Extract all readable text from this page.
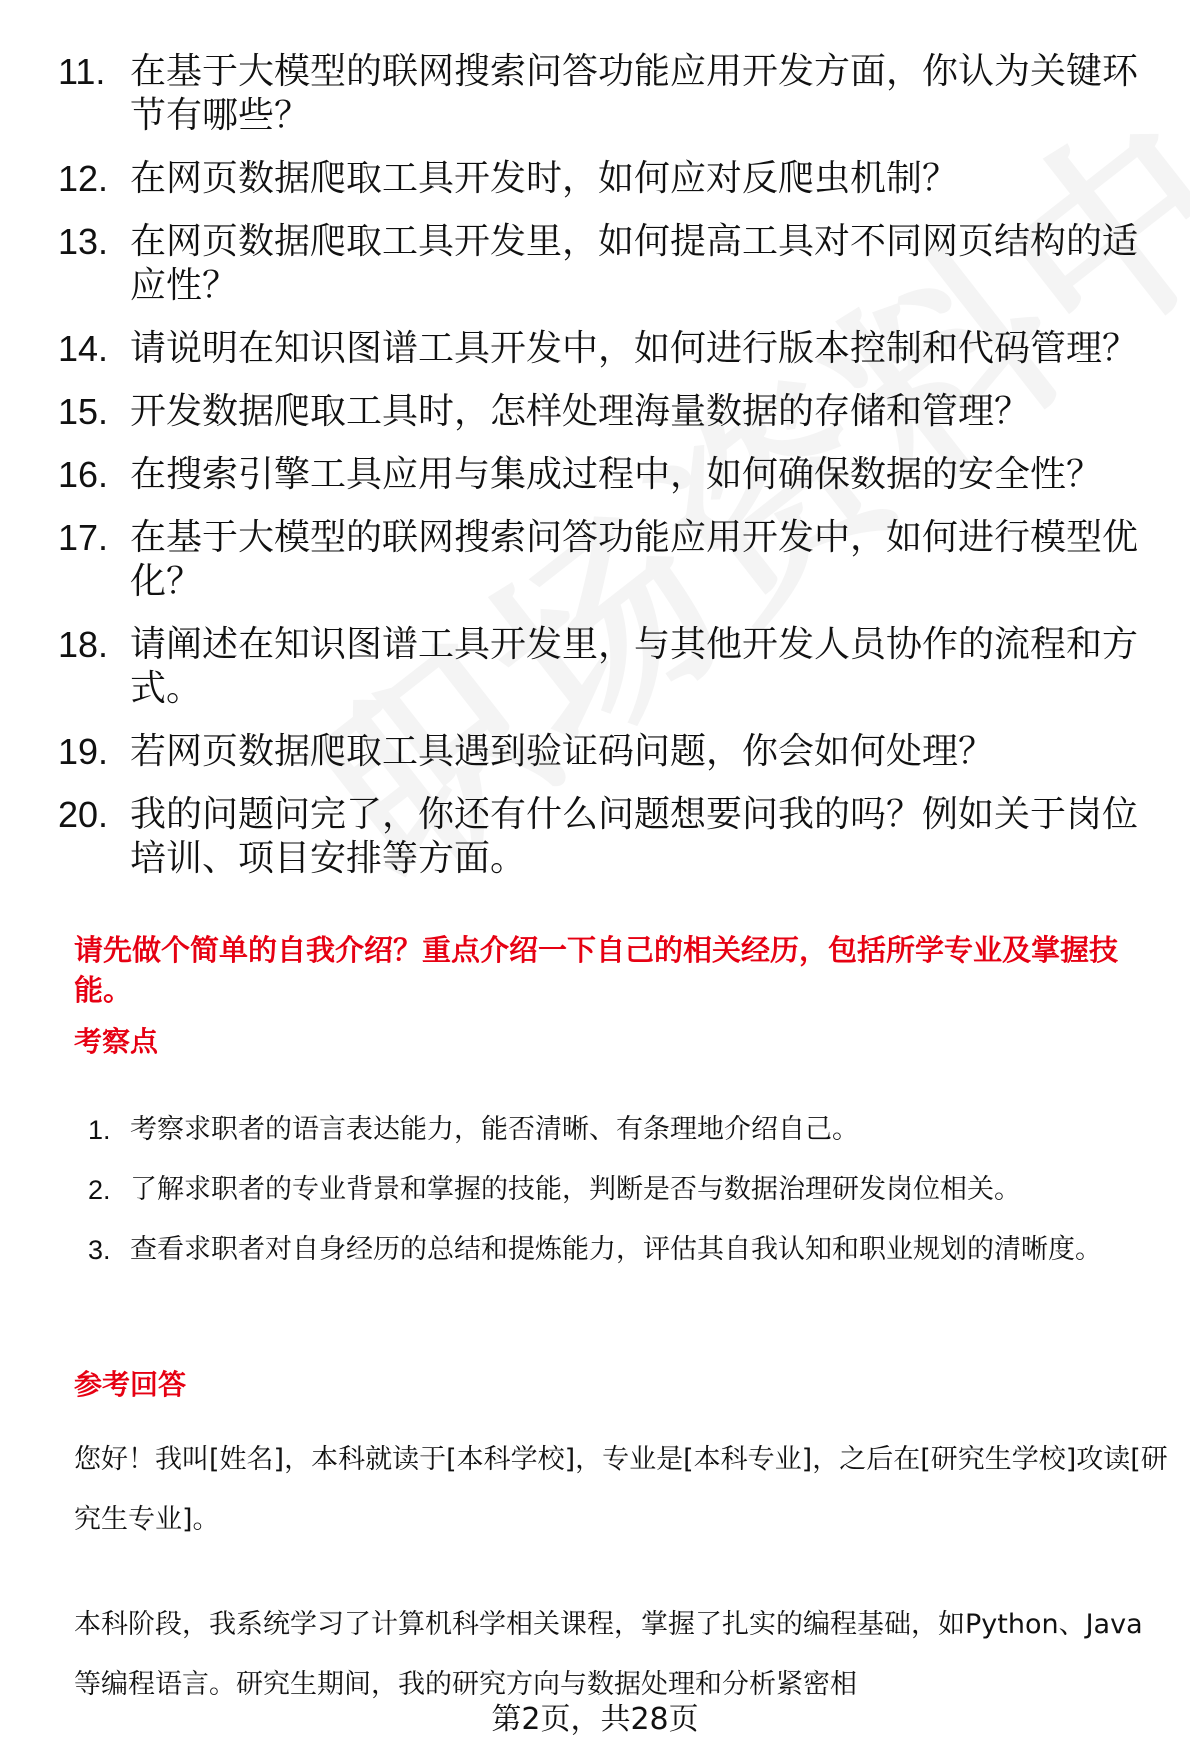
11. 在基于大模型的联网搜索问答功能应用开发方面，你认为关键环节有哪些？
12. 在网页数据爬取工具开发时，如何应对反爬虫机制？
13. 在网页数据爬取工具开发里，如何提高工具对不同网页结构的适应性？
14. 请说明在知识图谱工具开发中，如何进行版本控制和代码管理？
15. 开发数据爬取工具时，怎样处理海量数据的存储和管理？
16. 在搜索引擎工具应用与集成过程中，如何确保数据的安全性？
17. 在基于大模型的联网搜索问答功能应用开发中，如何进行模型优化？
18. 请阐述在知识图谱工具开发里，与其他开发人员协作的流程和方式。
19. 若网页数据爬取工具遇到验证码问题，你会如何处理？
20. 我的问题问完了，你还有什么问题想要问我的吗？例如关于岗位培训、项目安排等方面。

请先做个简单的自我介绍？重点介绍一下自己的相关经历，包括所学专业及掌握技能。

考察点

1. 考察求职者的语言表达能力，能否清晰、有条理地介绍自己。
2. 了解求职者的专业背景和掌握的技能，判断是否与数据治理研发岗位相关。
3. 查看求职者对自身经历的总结和提炼能力，评估其自我认知和职业规划的清晰度。

参考回答

您好！我叫[姓名]，本科就读于[本科学校]，专业是[本科专业]，之后在[研究生学校]攻读[研究生专业]。

本科阶段，我系统学习了计算机科学相关课程，掌握了扎实的编程基础，如Python、Java等编程语言。研究生期间，我的研究方向与数据处理和分析紧密相

第2页，共28页
